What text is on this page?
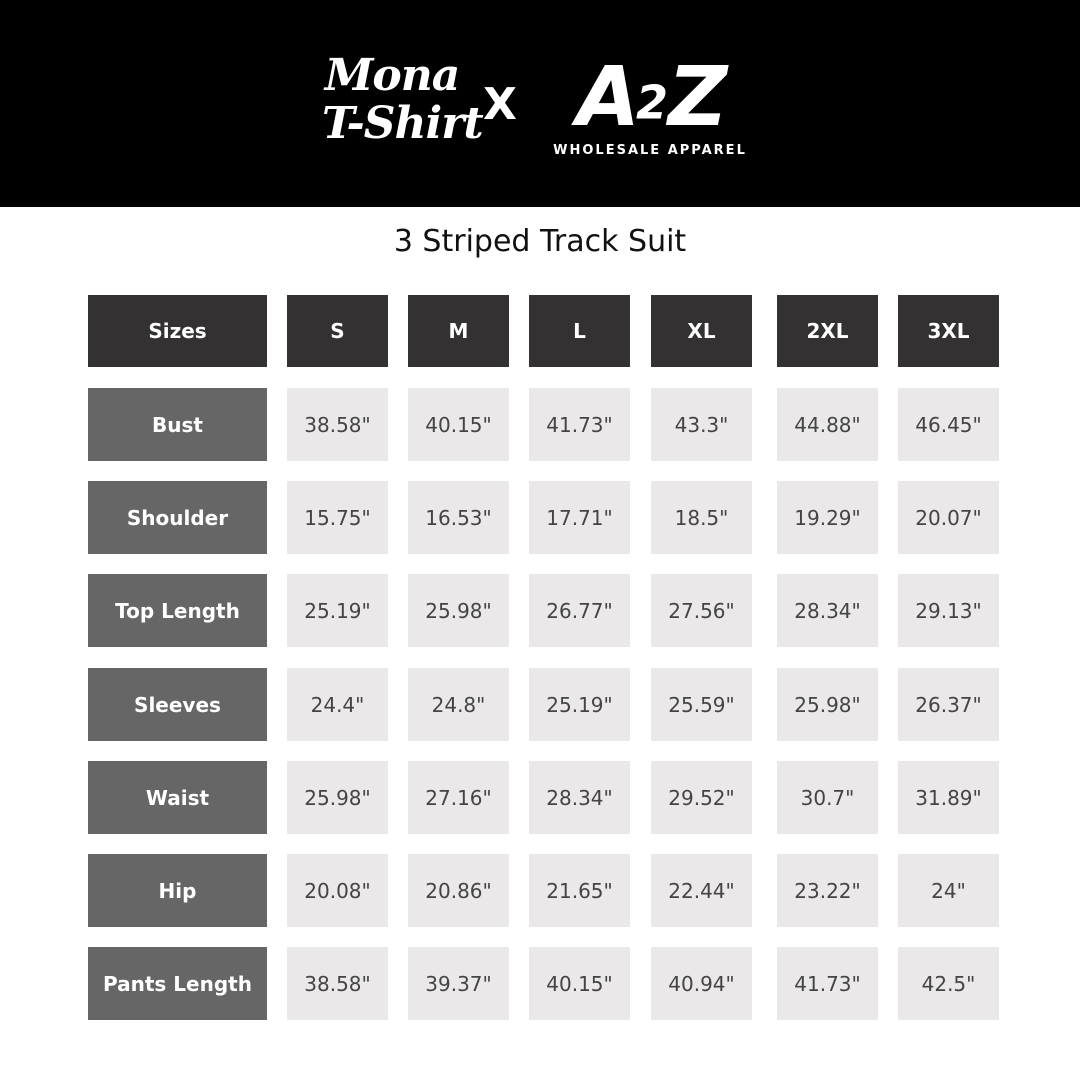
Mona
T-Shirt X A2Z
WHOLESALE APPAREL
3 Striped Track Suit
Sizes	S	M	L	XL	2XL	3XL
Bust	38.58"	40.15"	41.73"	43.3"	44.88"	46.45"
Shoulder	15.75"	16.53"	17.71"	18.5"	19.29"	20.07"
Top Length	25.19"	25.98"	26.77"	27.56"	28.34"	29.13"
Sleeves	24.4"	24.8"	25.19"	25.59"	25.98"	26.37"
Waist	25.98"	27.16"	28.34"	29.52"	30.7"	31.89"
Hip	20.08"	20.86"	21.65"	22.44"	23.22"	24"
Pants Length	38.58"	39.37"	40.15"	40.94"	41.73"	42.5"
